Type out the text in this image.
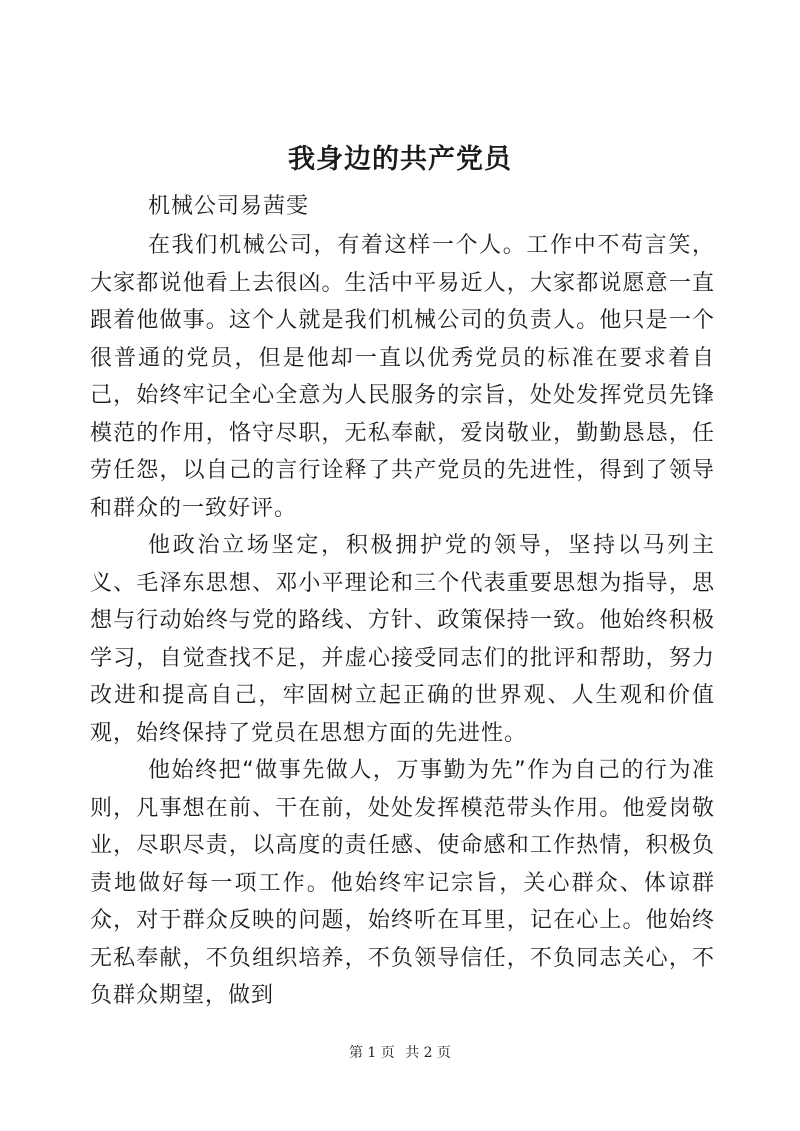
我身边的共产党员
机械公司易茜雯

在我们机械公司，有着这样一个人。工作中不苟言笑，大家都说他看上去很凶。生活中平易近人，大家都说愿意一直跟着他做事。这个人就是我们机械公司的负责人。他只是一个很普通的党员，但是他却一直以优秀党员的标准在要求着自己，始终牢记全心全意为人民服务的宗旨，处处发挥党员先锋模范的作用，恪守尽职，无私奉献，爱岗敬业，勤勤恳恳，任劳任怨，以自己的言行诠释了共产党员的先进性，得到了领导和群众的一致好评。

他政治立场坚定，积极拥护党的领导，坚持以马列主义、毛泽东思想、邓小平理论和三个代表重要思想为指导，思想与行动始终与党的路线、方针、政策保持一致。他始终积极学习，自觉查找不足，并虚心接受同志们的批评和帮助，努力改进和提高自己，牢固树立起正确的世界观、人生观和价值观，始终保持了党员在思想方面的先进性。

他始终把“做事先做人，万事勤为先”作为自己的行为准则，凡事想在前、干在前，处处发挥模范带头作用。他爱岗敬业，尽职尽责，以高度的责任感、使命感和工作热情，积极负责地做好每一项工作。他始终牢记宗旨，关心群众、体谅群众，对于群众反映的问题，始终听在耳里，记在心上。他始终无私奉献，不负组织培养，不负领导信任，不负同志关心，不负群众期望，做到

第 1 页 共 2 页
